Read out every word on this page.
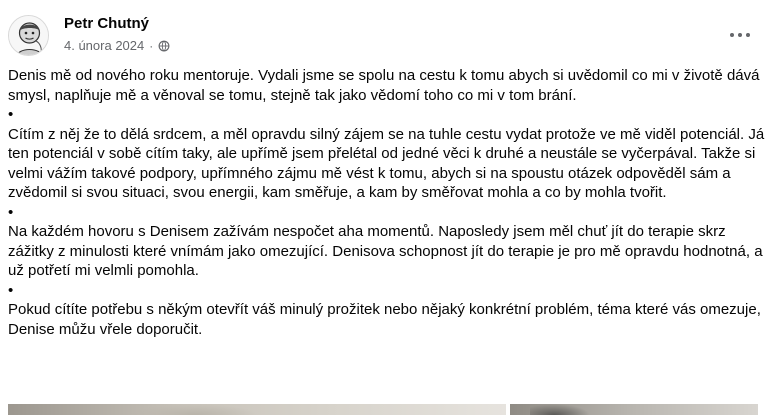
Petr Chutný
4. února 2024 ·

Denis mě od nového roku mentoruje. Vydali jsme se spolu na cestu k tomu abych si uvědomil co mi v životě dává smysl, naplňuje mě a věnoval se tomu, stejně tak jako vědomí toho co mi v tom brání.

•

Cítím z něj že to dělá srdcem, a měl opravdu silný zájem se na tuhle cestu vydat protože ve mě viděl potenciál. Já ten potenciál v sobě cítím taky, ale upřímě jsem přelétal od jedné věci k druhé a neustále se vyčerpával. Takže si velmi vážím takové podpory, upřímného zájmu mě vést k tomu, abych si na spoustu otázek odpověděl sám a zvědomil si svou situaci, svou energii, kam směřuje, a kam by směřovat mohla a co by mohla tvořit.

•

Na každém hovoru s Denisem zažívám nespočet aha momentů. Naposledy jsem měl chuť jít do terapie skrz zážitky z minulosti které vnímám jako omezující. Denisova schopnost jít do terapie je pro mě opravdu hodnotná, a už potřetí mi velmli pomohla.

•

Pokud cítíte potřebu s někým otevřít váš minulý prožitek nebo nějaký konkrétní problém, téma které vás omezuje, Denise můžu vřele doporučit.
